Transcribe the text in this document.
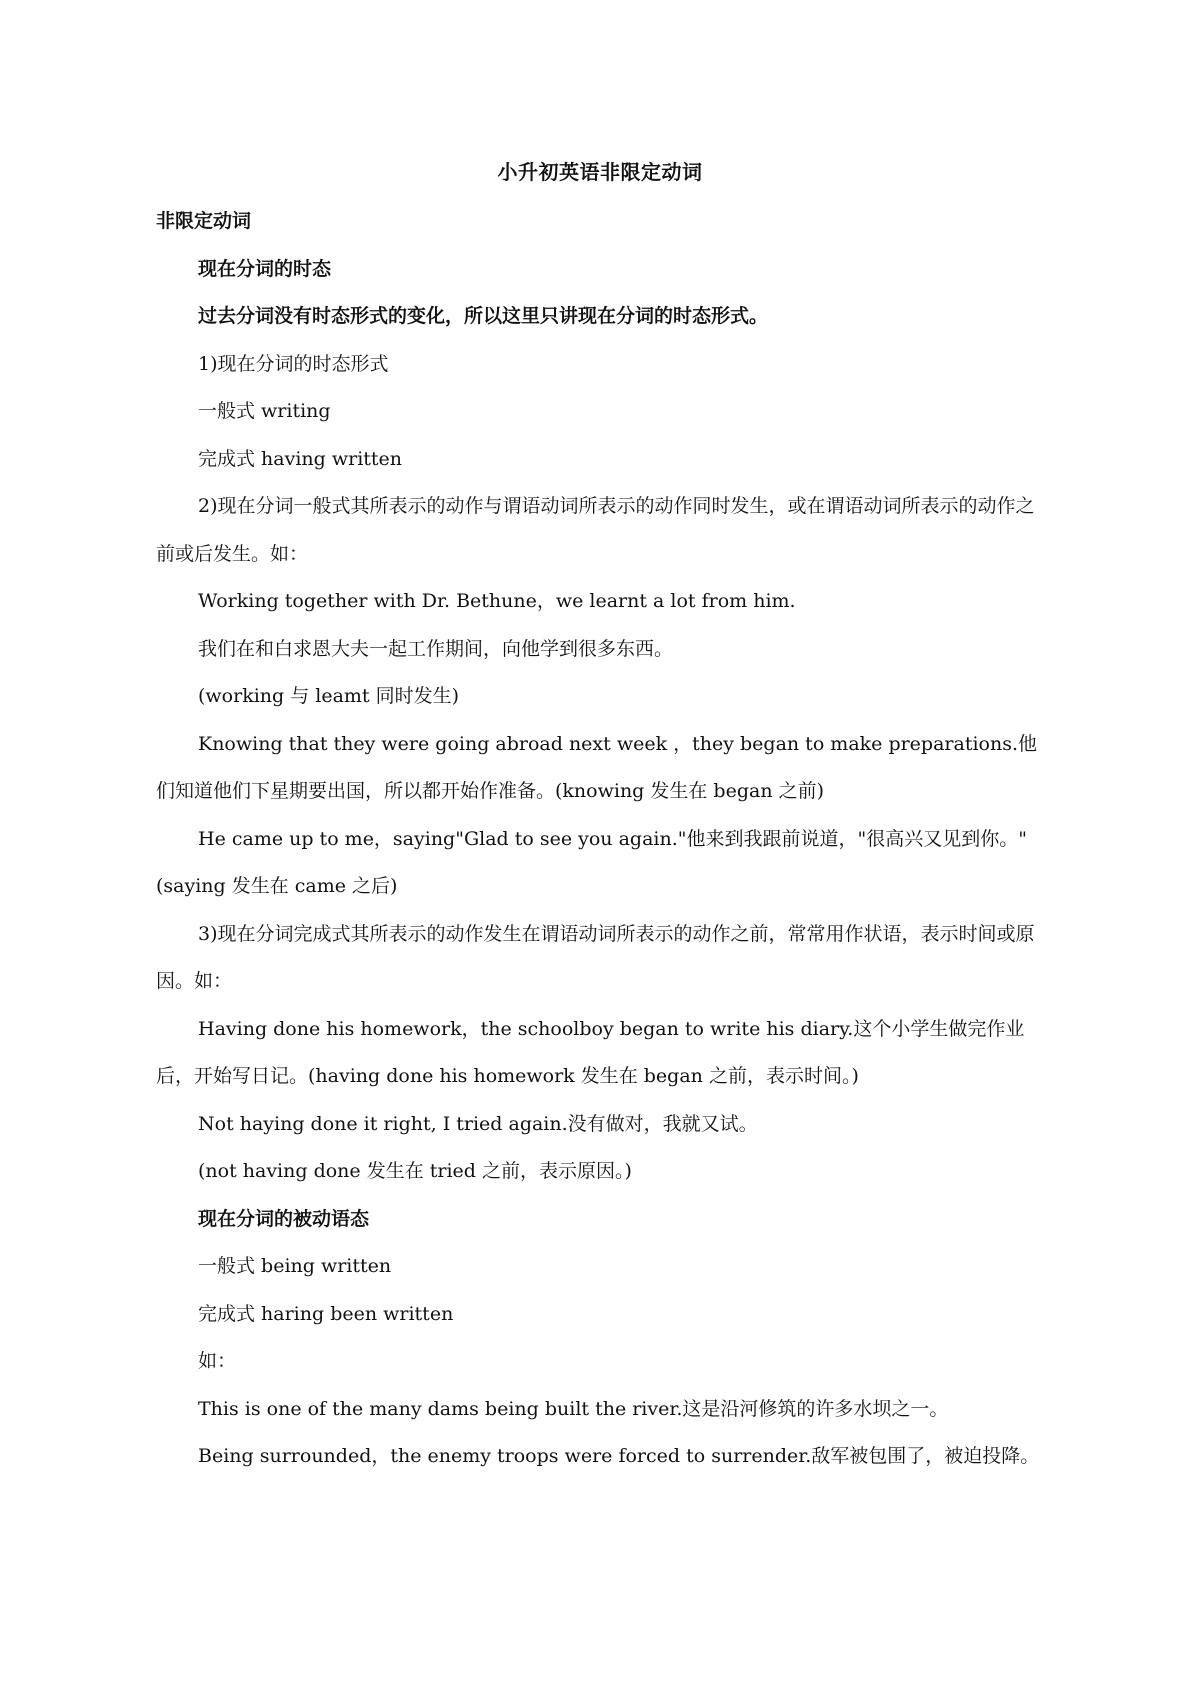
小升初英语非限定动词

非限定动词

现在分词的时态

过去分词没有时态形式的变化，所以这里只讲现在分词的时态形式。

1)现在分词的时态形式

一般式 writing

完成式 having written

2)现在分词一般式其所表示的动作与谓语动词所表示的动作同时发生，或在谓语动词所表示的动作之前或后发生。如：

Working together with Dr. Bethune，we learnt a lot from him.

我们在和白求恩大夫一起工作期间，向他学到很多东西。

(working 与 leamt 同时发生)

Knowing that they were going abroad next week ，they began to make preparations.他们知道他们下星期要出国，所以都开始作准备。(knowing 发生在 began 之前)

He came up to me，saying"Glad to see you again."他来到我跟前说道，"很高兴又见到你。"(saying 发生在 came 之后)

3)现在分词完成式其所表示的动作发生在谓语动词所表示的动作之前，常常用作状语，表示时间或原因。如：

Having done his homework，the schoolboy began to write his diary.这个小学生做完作业后，开始写日记。(having done his homework 发生在 began 之前，表示时间。)

Not haying done it right, I tried again.没有做对，我就又试。

(not having done 发生在 tried 之前，表示原因。)

现在分词的被动语态

一般式 being written

完成式 haring been written

如：

This is one of the many dams being built the river.这是沿河修筑的许多水坝之一。

Being surrounded，the enemy troops were forced to surrender.敌军被包围了，被迫投降。
